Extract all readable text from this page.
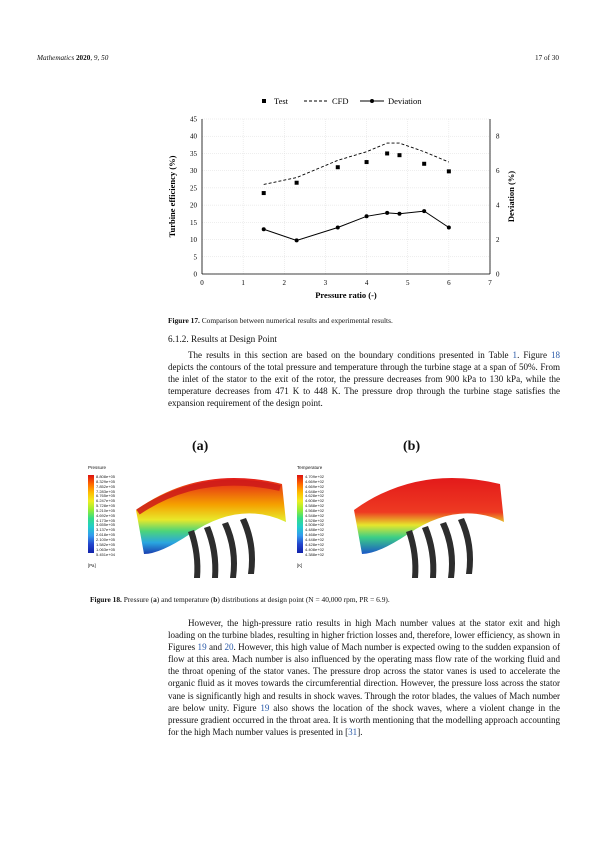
Mathematics 2020, 9, 50	17 of 30
0	1	2	3	4	5	6	7
0
5
10
15
20
25
30
35
40
45
0
2
4
6
8
Pressure ratio (-)
Turbine efficiency (%)	Deviation (%)
Test	CFD	Deviation
Figure 17. Comparison between numerical results and experimental results.
6.1.2. Results at Design Point

The results in this section are based on the boundary conditions presented in Table 1. Figure 18 depicts the contours of the total pressure and temperature through the turbine stage at a span of 50%. From the inlet of the stator to the exit of the rotor, the pressure decreases from 900 kPa to 130 kPa, while the temperature decreases from 471 K to 448 K. The pressure drop through the turbine stage satisfies the expansion requirement of the design point.

(a)	(b)
Pressure
8.808e+05
8.329e+05
7.852e+05
7.283e+05
6.765e+05
6.247e+05
5.728e+05
5.210e+05
4.692e+05
4.173e+05
3.655e+05
3.137e+05
2.618e+05
2.100e+05
1.582e+05
1.063e+05
5.451e+04
[Pa]
Temperature
4.709e+02
4.669e+02
4.669e+02
4.648e+02
4.628e+02
4.608e+02
4.588e+02
4.568e+02
4.548e+02
4.528e+02
4.508e+02
4.488e+02
4.468e+02
4.448e+02
4.428e+02
4.408e+02
4.388e+02
[K]
Figure 18. Pressure (a) and temperature (b) distributions at design point (N = 40,000 rpm, PR = 6.9).

However, the high-pressure ratio results in high Mach number values at the stator exit and high loading on the turbine blades, resulting in higher friction losses and, therefore, lower efficiency, as shown in Figures 19 and 20. However, this high value of Mach number is expected owing to the sudden expansion of flow at this area. Mach number is also influenced by the operating mass flow rate of the working fluid and the throat opening of the stator vanes. The pressure drop across the stator vanes is used to accelerate the organic fluid as it moves towards the circumferential direction. However, the pressure loss across the stator vane is significantly high and results in shock waves. Through the rotor blades, the values of Mach number are below unity. Figure 19 also shows the location of the shock waves, where a violent change in the pressure gradient occurred in the throat area. It is worth mentioning that the modelling approach accounting for the high Mach number values is presented in [31].
